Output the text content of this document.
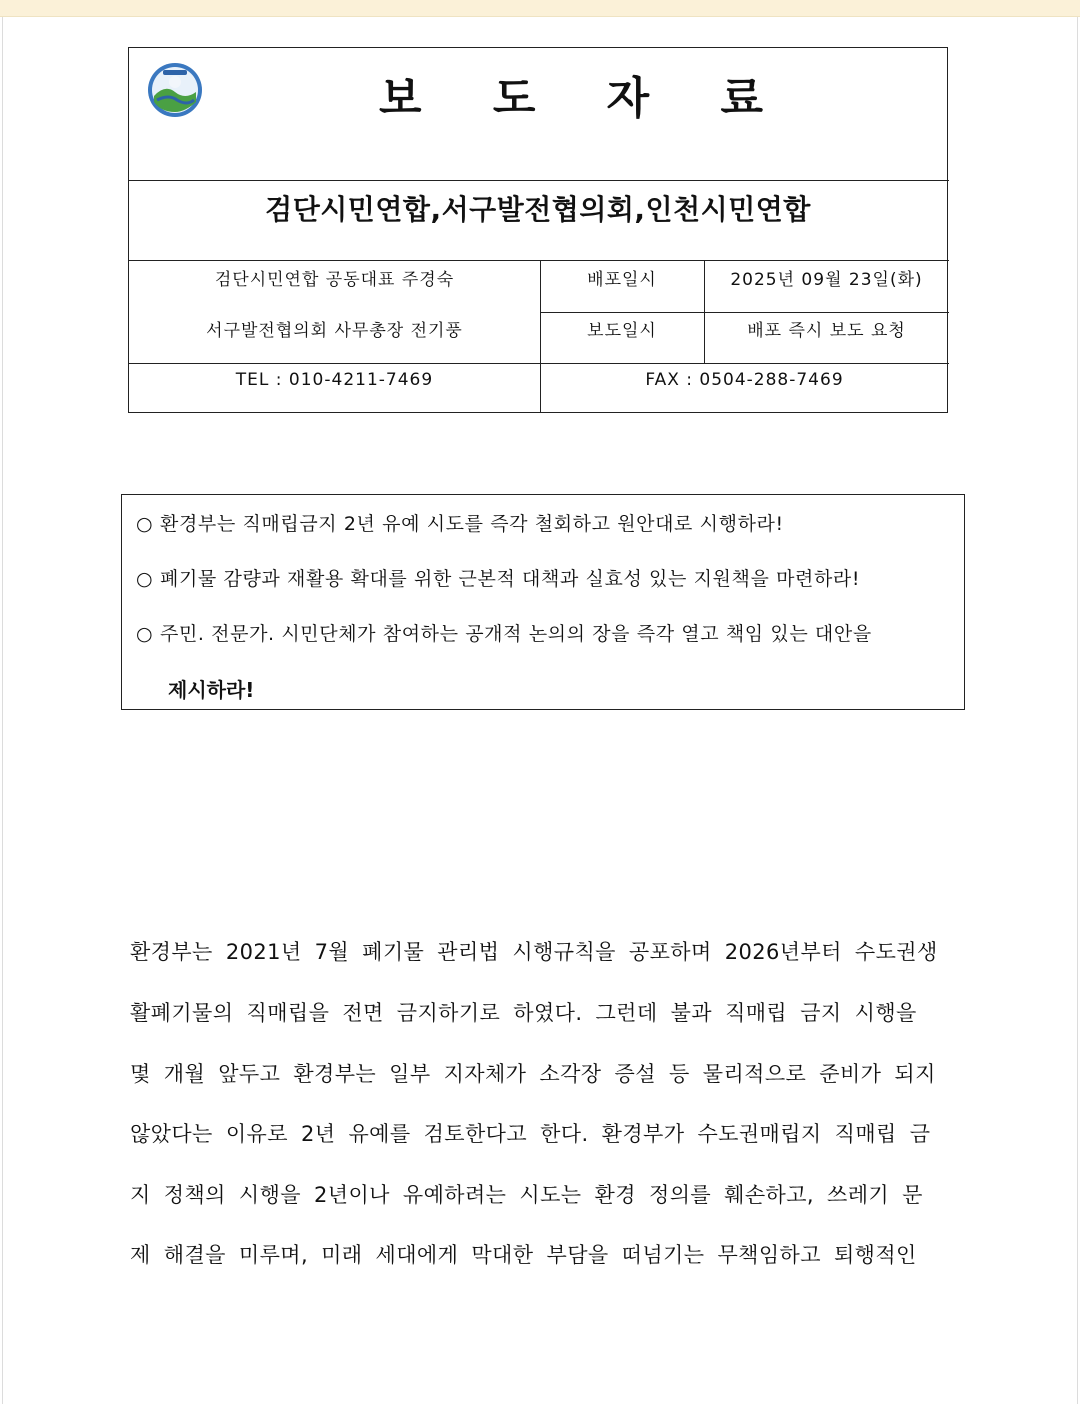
보 도 자 료
검단시민연합,서구발전협의회,인천시민연합
검단시민연합 공동대표 주경숙
서구발전협의회 사무총장 전기풍
배포일시	2025년 09월 23일(화)
보도일시	배포 즉시 보도 요청
TEL : 010-4211-7469	FAX : 0504-288-7469
○ 환경부는 직매립금지 2년 유예 시도를 즉각 철회하고 원안대로 시행하라!
○ 폐기물 감량과 재활용 확대를 위한 근본적 대책과 실효성 있는 지원책을 마련하라!
○ 주민. 전문가. 시민단체가 참여하는 공개적 논의의 장을 즉각 열고 책임 있는 대안을
제시하라!
환경부는 2021년 7월 폐기물 관리법 시행규칙을 공포하며 2026년부터 수도권생
활폐기물의 직매립을 전면 금지하기로 하였다. 그런데 불과 직매립 금지 시행을
몇 개월 앞두고 환경부는 일부 지자체가 소각장 증설 등 물리적으로 준비가 되지
않았다는 이유로 2년 유예를 검토한다고 한다. 환경부가 수도권매립지 직매립 금
지 정책의 시행을 2년이나 유예하려는 시도는 환경 정의를 훼손하고, 쓰레기 문
제 해결을 미루며, 미래 세대에게 막대한 부담을 떠넘기는 무책임하고 퇴행적인
